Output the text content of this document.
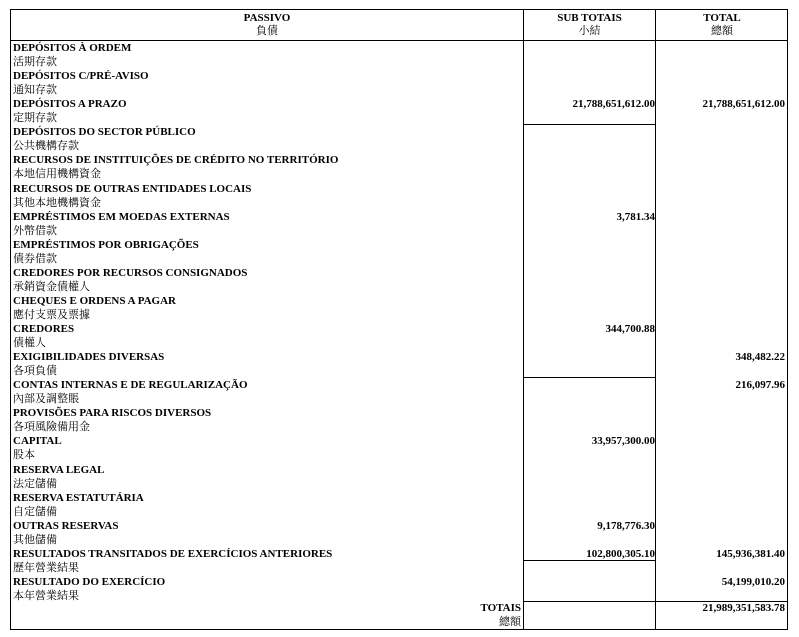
PASSIVO
負債
SUB TOTAIS
小結
TOTAL
總額
DEPÓSITOS À ORDEM
活期存款
DEPÓSITOS C/PRÉ-AVISO
通知存款
DEPÓSITOS A PRAZO
定期存款
21,788,651,612.00	21,788,651,612.00
DEPÓSITOS DO SECTOR PÚBLICO
公共機構存款
RECURSOS DE INSTITUIÇÕES DE CRÉDITO NO TERRITÓRIO
本地信用機構資金
RECURSOS DE OUTRAS ENTIDADES LOCAIS
其他本地機構資金
EMPRÉSTIMOS EM MOEDAS EXTERNAS
外幣借款
3,781.34
EMPRÉSTIMOS POR OBRIGAÇÕES
債券借款
CREDORES POR RECURSOS CONSIGNADOS
承銷資金債權人
CHEQUES E ORDENS A PAGAR
應付支票及票據
CREDORES
債權人
344,700.88
EXIGIBILIDADES DIVERSAS
各項負債
348,482.22
CONTAS INTERNAS E DE REGULARIZAÇÃO
內部及調整賬
216,097.96
PROVISÕES PARA RISCOS DIVERSOS
各項風險備用金
CAPITAL
股本
33,957,300.00
RESERVA LEGAL
法定儲備
RESERVA ESTATUTÁRIA
自定儲備
OUTRAS RESERVAS
其他儲備
9,178,776.30
RESULTADOS TRANSITADOS DE EXERCÍCIOS ANTERIORES
歷年營業結果
102,800,305.10	145,936,381.40
RESULTADO DO EXERCÍCIO
本年營業結果
54,199,010.20
TOTAIS
總額
21,989,351,583.78
